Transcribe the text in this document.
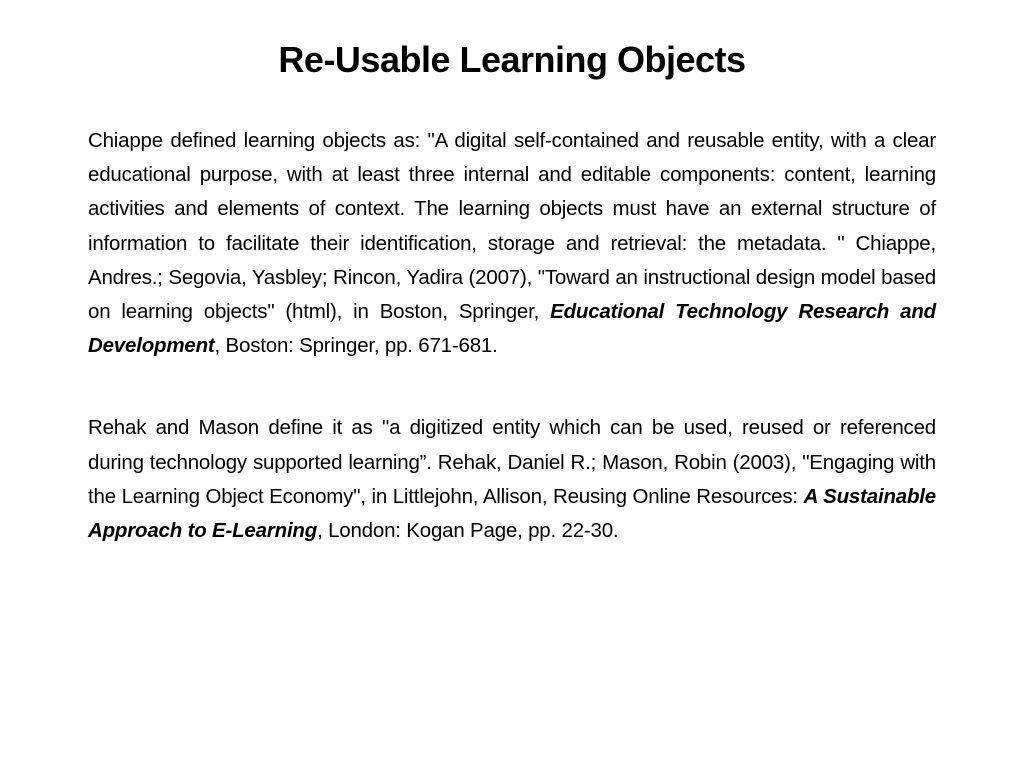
Re-Usable Learning Objects

Chiappe defined learning objects as: "A digital self-contained and reusable entity, with a clear educational purpose, with at least three internal and editable components: content, learning activities and elements of context. The learning objects must have an external structure of information to facilitate their identification, storage and retrieval: the metadata. " Chiappe, Andres.; Segovia, Yasbley; Rincon, Yadira (2007), "Toward an instructional design model based on learning objects" (html), in Boston, Springer, Educational Technology Research and Development, Boston: Springer, pp. 671-681.

Rehak and Mason define it as "a digitized entity which can be used, reused or referenced during technology supported learning”. Rehak, Daniel R.; Mason, Robin (2003), "Engaging with the Learning Object Economy", in Littlejohn, Allison, Reusing Online Resources: A Sustainable Approach to E-Learning, London: Kogan Page, pp. 22-30.
